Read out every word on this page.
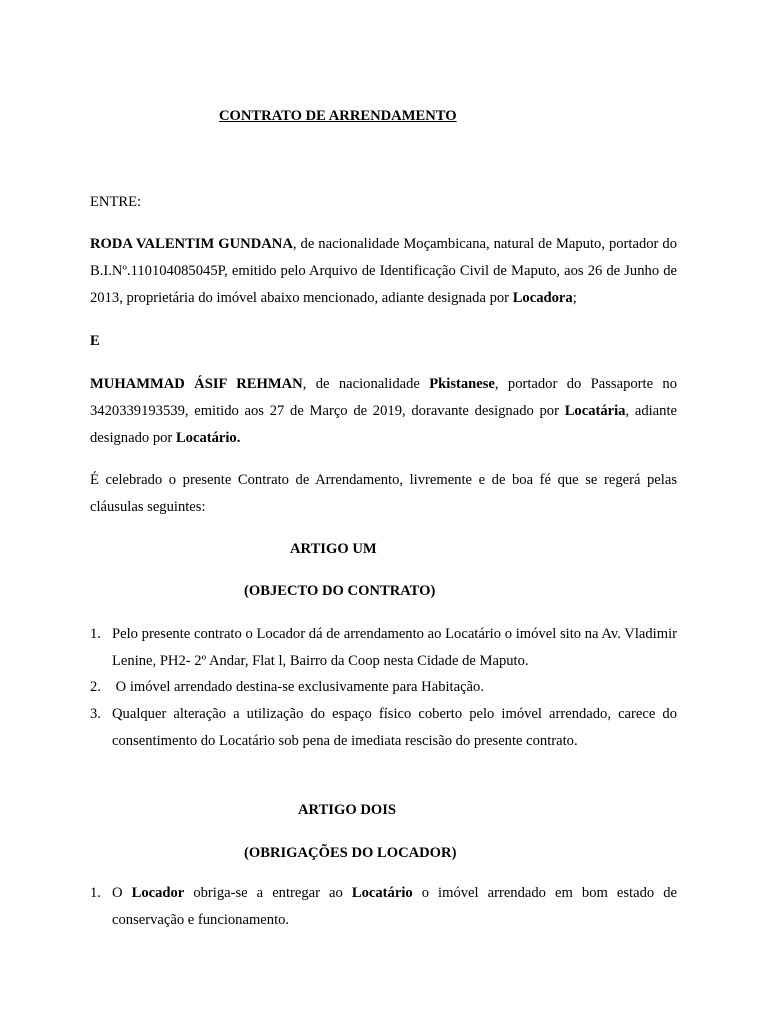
CONTRATO DE ARRENDAMENTO
ENTRE:
RODA VALENTIM GUNDANA, de nacionalidade Moçambicana, natural de Maputo, portador do B.I.Nº.110104085045P, emitido pelo Arquivo de Identificação Civil de Maputo, aos 26 de Junho de 2013, proprietária do imóvel abaixo mencionado, adiante designada por Locadora;
E
MUHAMMAD ÁSIF REHMAN, de nacionalidade Pkistanese, portador do Passaporte no 3420339193539, emitido aos 27 de Março de 2019, doravante designado por Locatária, adiante designado por Locatário.
É celebrado o presente Contrato de Arrendamento, livremente e de boa fé que se regerá pelas cláusulas seguintes:
ARTIGO UM
(OBJECTO DO CONTRATO)
1. Pelo presente contrato o Locador dá de arrendamento ao Locatário o imóvel sito na Av. Vladimir Lenine, PH2- 2º Andar, Flat l, Bairro da Coop nesta Cidade de Maputo.
2. O imóvel arrendado destina-se exclusivamente para Habitação.
3. Qualquer alteração a utilização do espaço físico coberto pelo imóvel arrendado, carece do consentimento do Locatário sob pena de imediata rescisão do presente contrato.
ARTIGO DOIS
(OBRIGAÇÕES DO LOCADOR)
1. O Locador obriga-se a entregar ao Locatário o imóvel arrendado em bom estado de conservação e funcionamento.
